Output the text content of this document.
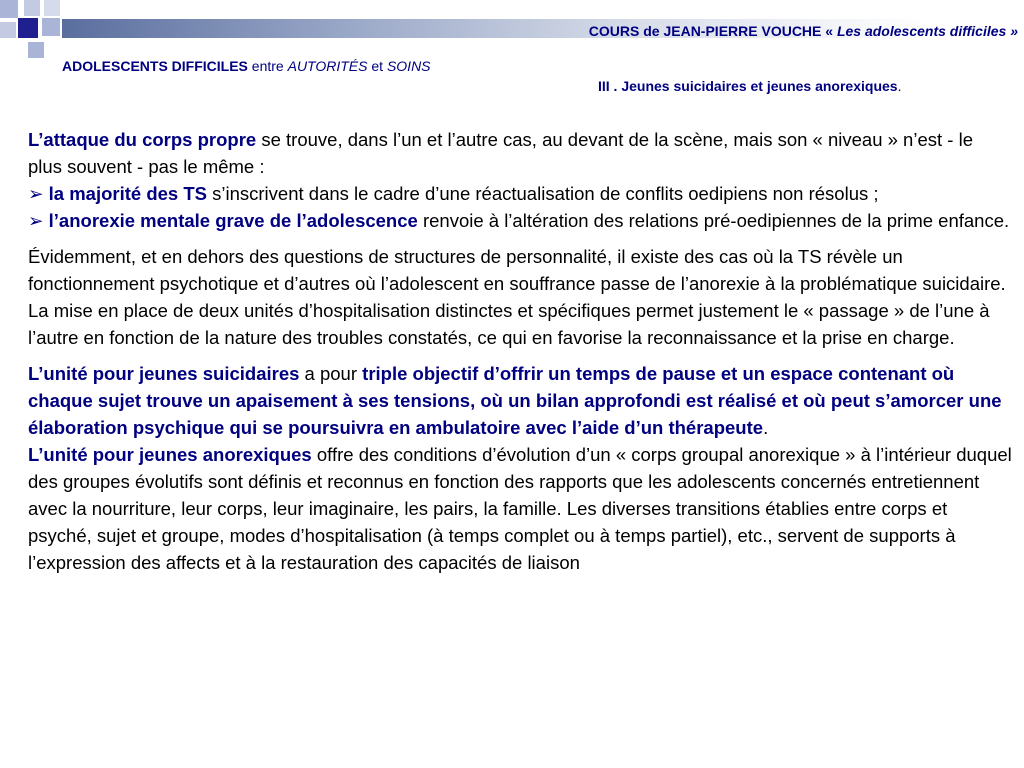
COURS de JEAN-PIERRE VOUCHE « Les adolescents difficiles »
ADOLESCENTS DIFFICILES entre AUTORITÉS et SOINS
III . Jeunes suicidaires et jeunes anorexiques.

L’attaque du corps propre se trouve, dans l’un et l’autre cas, au devant de la scène, mais son « niveau » n’est - le plus souvent - pas le même :

➢ la majorité des TS s’inscrivent dans le cadre d’une réactualisation de conflits oedipiens non résolus ;

➢ l’anorexie mentale grave de l’adolescence renvoie à l’altération des relations pré-oedipiennes de la prime enfance.

Évidemment, et en dehors des questions de structures de personnalité, il existe des cas où la TS révèle un fonctionnement psychotique et d’autres où l’adolescent en souffrance passe de l’anorexie à la problématique suicidaire. La mise en place de deux unités d’hospitalisation distinctes et spécifiques permet justement le « passage » de l’une à l’autre en fonction de la nature des troubles constatés, ce qui en favorise la reconnaissance et la prise en charge.

L’unité pour jeunes suicidaires a pour triple objectif d’offrir un temps de pause et un espace contenant où chaque sujet trouve un apaisement à ses tensions, où un bilan approfondi est réalisé et où peut s’amorcer une élaboration psychique qui se poursuivra en ambulatoire avec l’aide d’un thérapeute.

L’unité pour jeunes anorexiques offre des conditions d’évolution d’un « corps groupal anorexique » à l’intérieur duquel des groupes évolutifs sont définis et reconnus en fonction des rapports que les adolescents concernés entretiennent avec la nourriture, leur corps, leur imaginaire, les pairs, la famille. Les diverses transitions établies entre corps et psyché, sujet et groupe, modes d’hospitalisation (à temps complet ou à temps partiel), etc., servent de supports à l’expression des affects et à la restauration des capacités de liaison
